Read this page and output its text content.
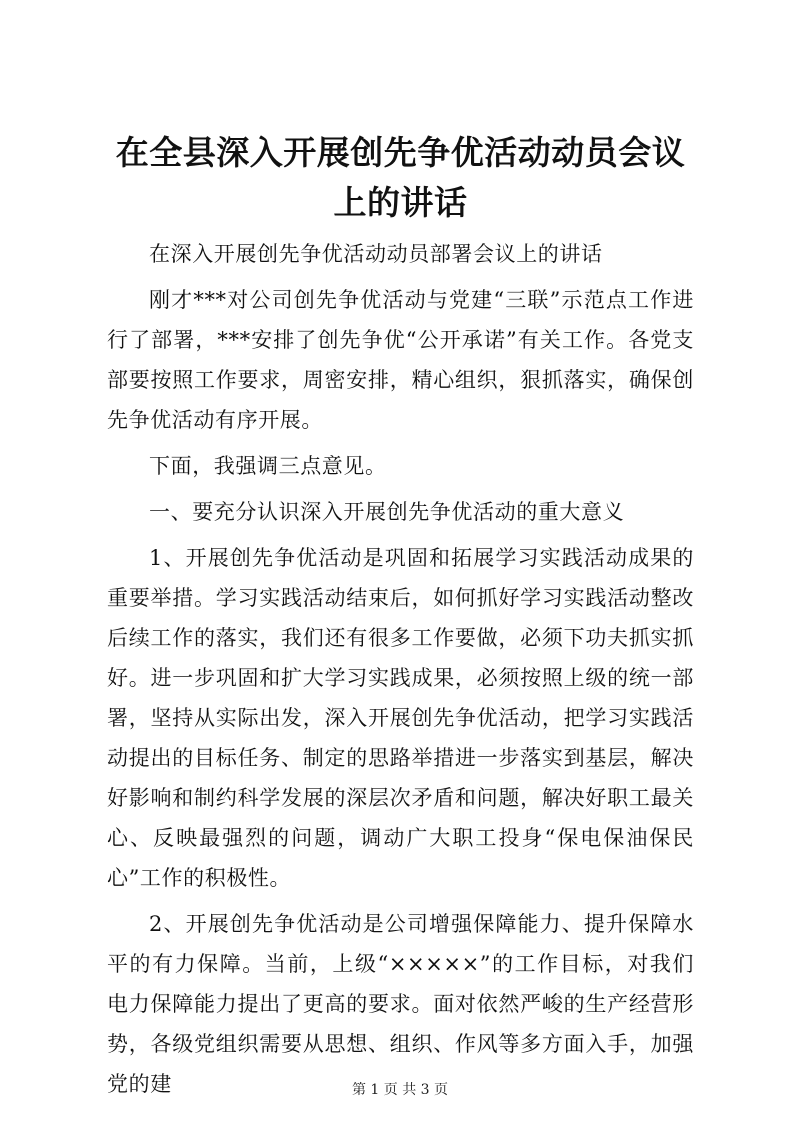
在全县深入开展创先争优活动动员会议上的讲话

在深入开展创先争优活动动员部署会议上的讲话

刚才***对公司创先争优活动与党建“三联”示范点工作进行了部署，***安排了创先争优“公开承诺”有关工作。各党支部要按照工作要求，周密安排，精心组织，狠抓落实，确保创先争优活动有序开展。

下面，我强调三点意见。

一、要充分认识深入开展创先争优活动的重大意义

1、开展创先争优活动是巩固和拓展学习实践活动成果的重要举措。学习实践活动结束后，如何抓好学习实践活动整改后续工作的落实，我们还有很多工作要做，必须下功夫抓实抓好。进一步巩固和扩大学习实践成果，必须按照上级的统一部署，坚持从实际出发，深入开展创先争优活动，把学习实践活动提出的目标任务、制定的思路举措进一步落实到基层，解决好影响和制约科学发展的深层次矛盾和问题，解决好职工最关心、反映最强烈的问题，调动广大职工投身“保电保油保民心”工作的积极性。

2、开展创先争优活动是公司增强保障能力、提升保障水平的有力保障。当前，上级“×××××”的工作目标，对我们电力保障能力提出了更高的要求。面对依然严峻的生产经营形势，各级党组织需要从思想、组织、作风等多方面入手，加强党的建	第 1 页 共 3 页
